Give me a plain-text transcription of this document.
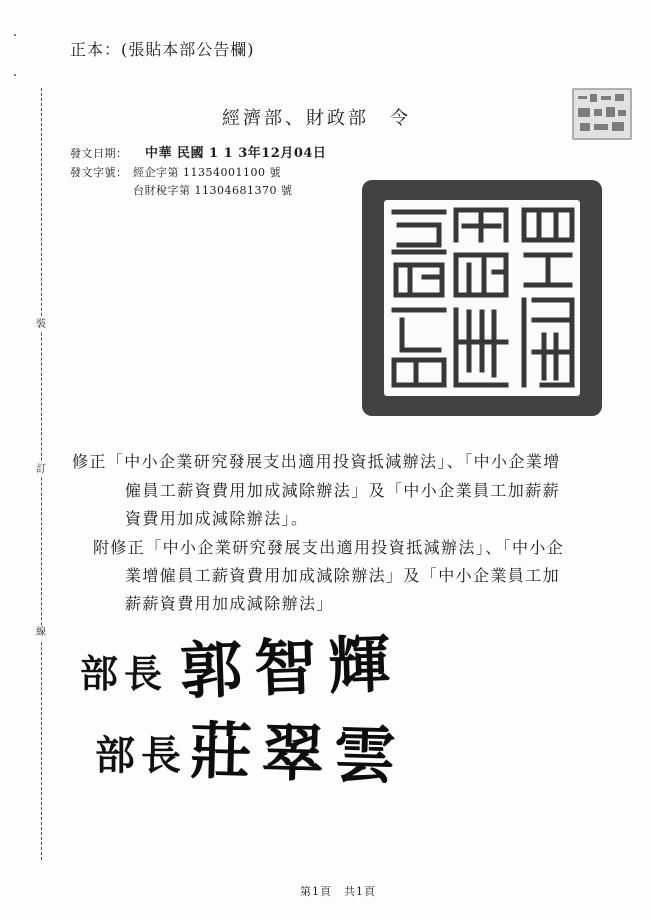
裝
訂
線
正本：(張貼本部公告欄)
經濟部、財政部　令
發文日期： 中華 民國 1 1 3年12月04日
發文字號： 經企字第 11354001100 號
台財稅字第 11304681370 號
修正「中小企業研究發展支出適用投資抵減辦法」、「中小企業增
僱員工薪資費用加成減除辦法」及「中小企業員工加薪薪
資費用加成減除辦法」。
附修正「中小企業研究發展支出適用投資抵減辦法」、「中小企
業增僱員工薪資費用加成減除辦法」及「中小企業員工加
薪薪資費用加成減除辦法」
部長 郭智輝
部長 莊翠雲
第1頁　共1頁
